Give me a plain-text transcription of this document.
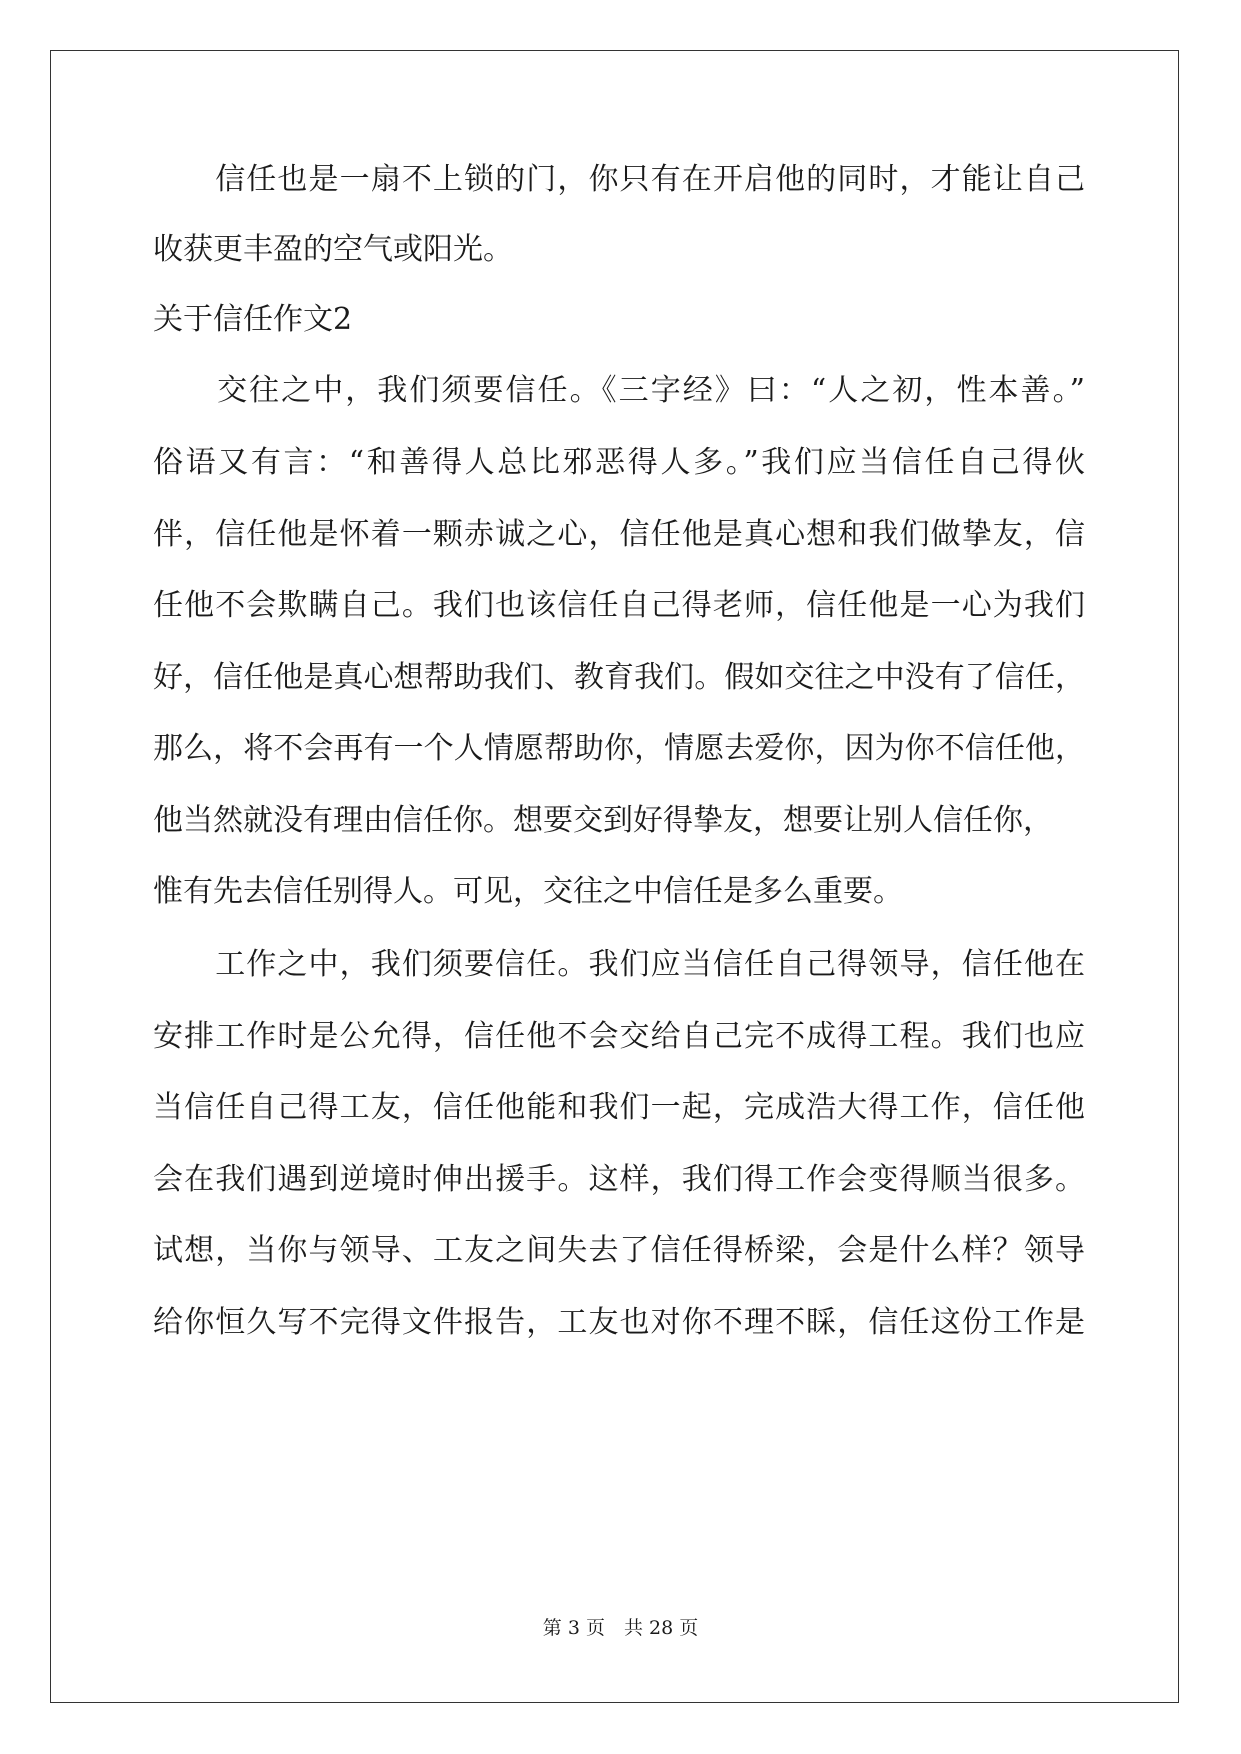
　　信任也是一扇不上锁的门，你只有在开启他的同时，才能让自己
收获更丰盈的空气或阳光。
关于信任作文2
　　交往之中，我们须要信任。《三字经》曰：“人之初，性本善。”
俗语又有言：“和善得人总比邪恶得人多。”我们应当信任自己得伙
伴，信任他是怀着一颗赤诚之心，信任他是真心想和我们做挚友，信
任他不会欺瞒自己。我们也该信任自己得老师，信任他是一心为我们
好，信任他是真心想帮助我们、教育我们。假如交往之中没有了信任，
那么，将不会再有一个人情愿帮助你，情愿去爱你，因为你不信任他，
他当然就没有理由信任你。想要交到好得挚友，想要让别人信任你，
惟有先去信任别得人。可见，交往之中信任是多么重要。
　　工作之中，我们须要信任。我们应当信任自己得领导，信任他在
安排工作时是公允得，信任他不会交给自己完不成得工程。我们也应
当信任自己得工友，信任他能和我们一起，完成浩大得工作，信任他
会在我们遇到逆境时伸出援手。这样，我们得工作会变得顺当很多。
试想，当你与领导、工友之间失去了信任得桥梁，会是什么样？领导
给你恒久写不完得文件报告，工友也对你不理不睬，信任这份工作是
第 3 页　共 28 页
